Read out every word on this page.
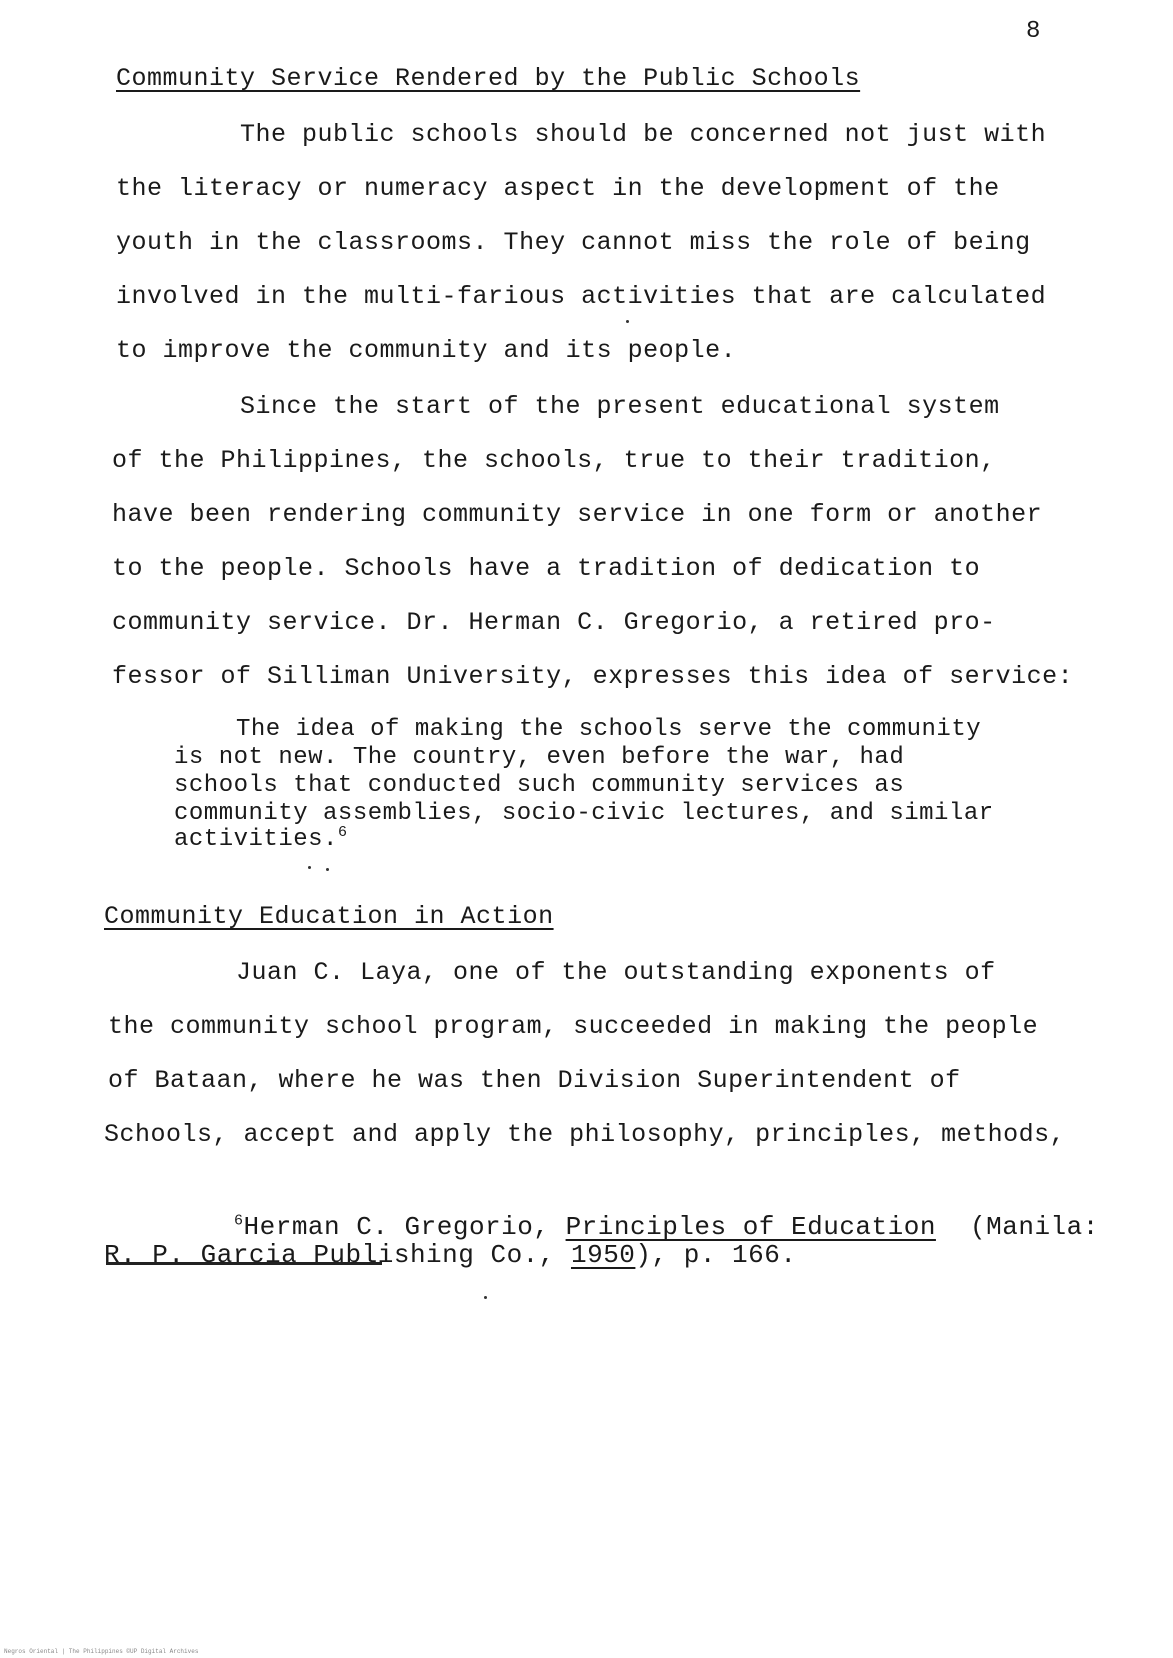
8
Community Service Rendered by the Public Schools
The public schools should be concerned not just with
the literacy or numeracy aspect in the development of the
youth in the classrooms. They cannot miss the role of being
involved in the multi-farious activities that are calculated
to improve the community and its people.
Since the start of the present educational system
of the Philippines, the schools, true to their tradition,
have been rendering community service in one form or another
to the people. Schools have a tradition of dedication to
community service. Dr. Herman C. Gregorio, a retired pro-
fessor of Silliman University, expresses this idea of service:
The idea of making the schools serve the community
is not new. The country, even before the war, had
schools that conducted such community services as
community assemblies, socio-civic lectures, and similar
activities.$^6$
Community Education in Action
Juan C. Laya, one of the outstanding exponents of
the community school program, succeeded in making the people
of Bataan, where he was then Division Superintendent of
Schools, accept and apply the philosophy, principles, methods,
$^6$Herman C. Gregorio, Principles of Education (Manila:
R. P. Garcia Publishing Co., 1950), p. 166.
Negros Oriental | The Philippines ©UP Digital Archives
